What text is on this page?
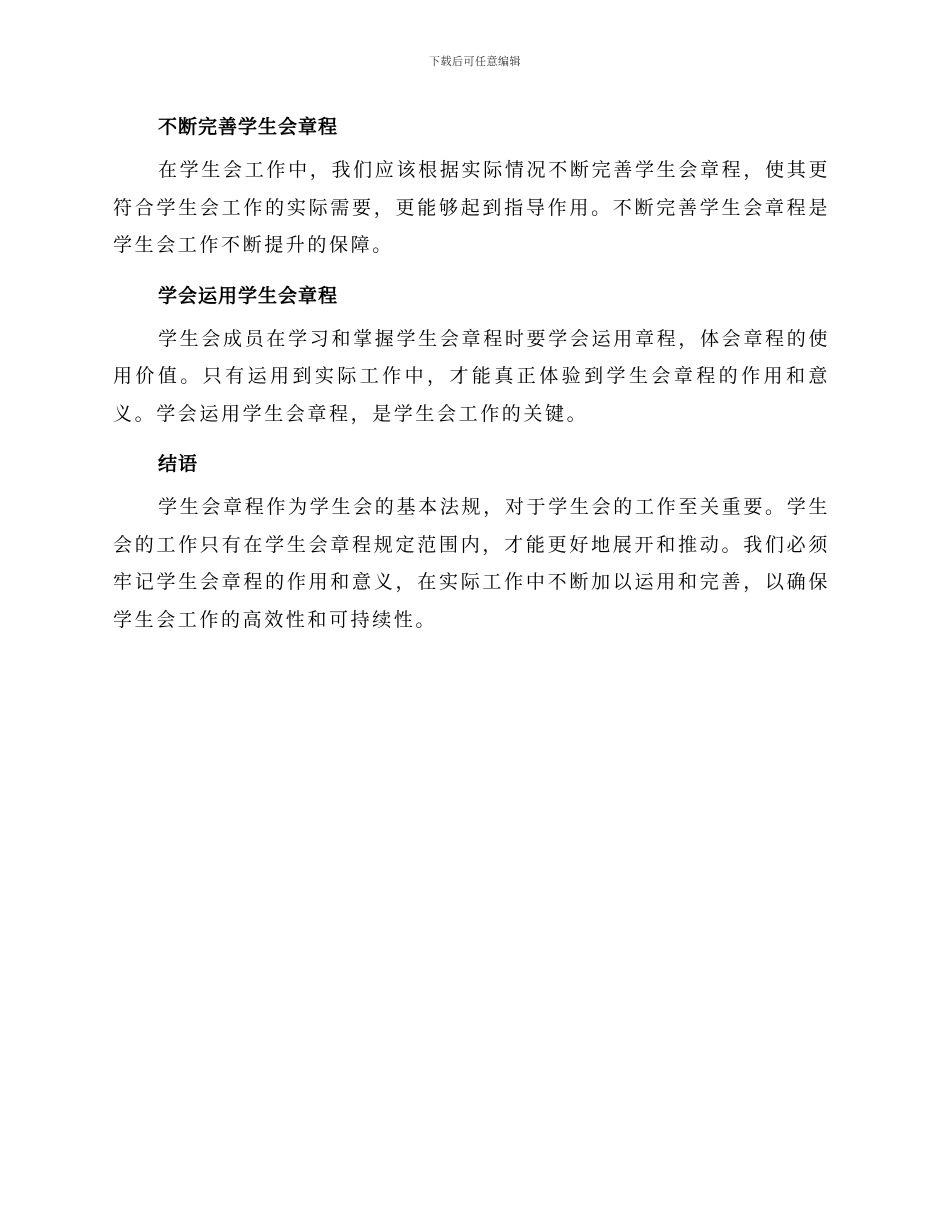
下载后可任意编辑
不断完善学生会章程

在学生会工作中，我们应该根据实际情况不断完善学生会章程，使其更符合学生会工作的实际需要，更能够起到指导作用。不断完善学生会章程是学生会工作不断提升的保障。

学会运用学生会章程

学生会成员在学习和掌握学生会章程时要学会运用章程，体会章程的使用价值。只有运用到实际工作中，才能真正体验到学生会章程的作用和意义。学会运用学生会章程，是学生会工作的关键。

结语

学生会章程作为学生会的基本法规，对于学生会的工作至关重要。学生会的工作只有在学生会章程规定范围内，才能更好地展开和推动。我们必须牢记学生会章程的作用和意义，在实际工作中不断加以运用和完善，以确保学生会工作的高效性和可持续性。
